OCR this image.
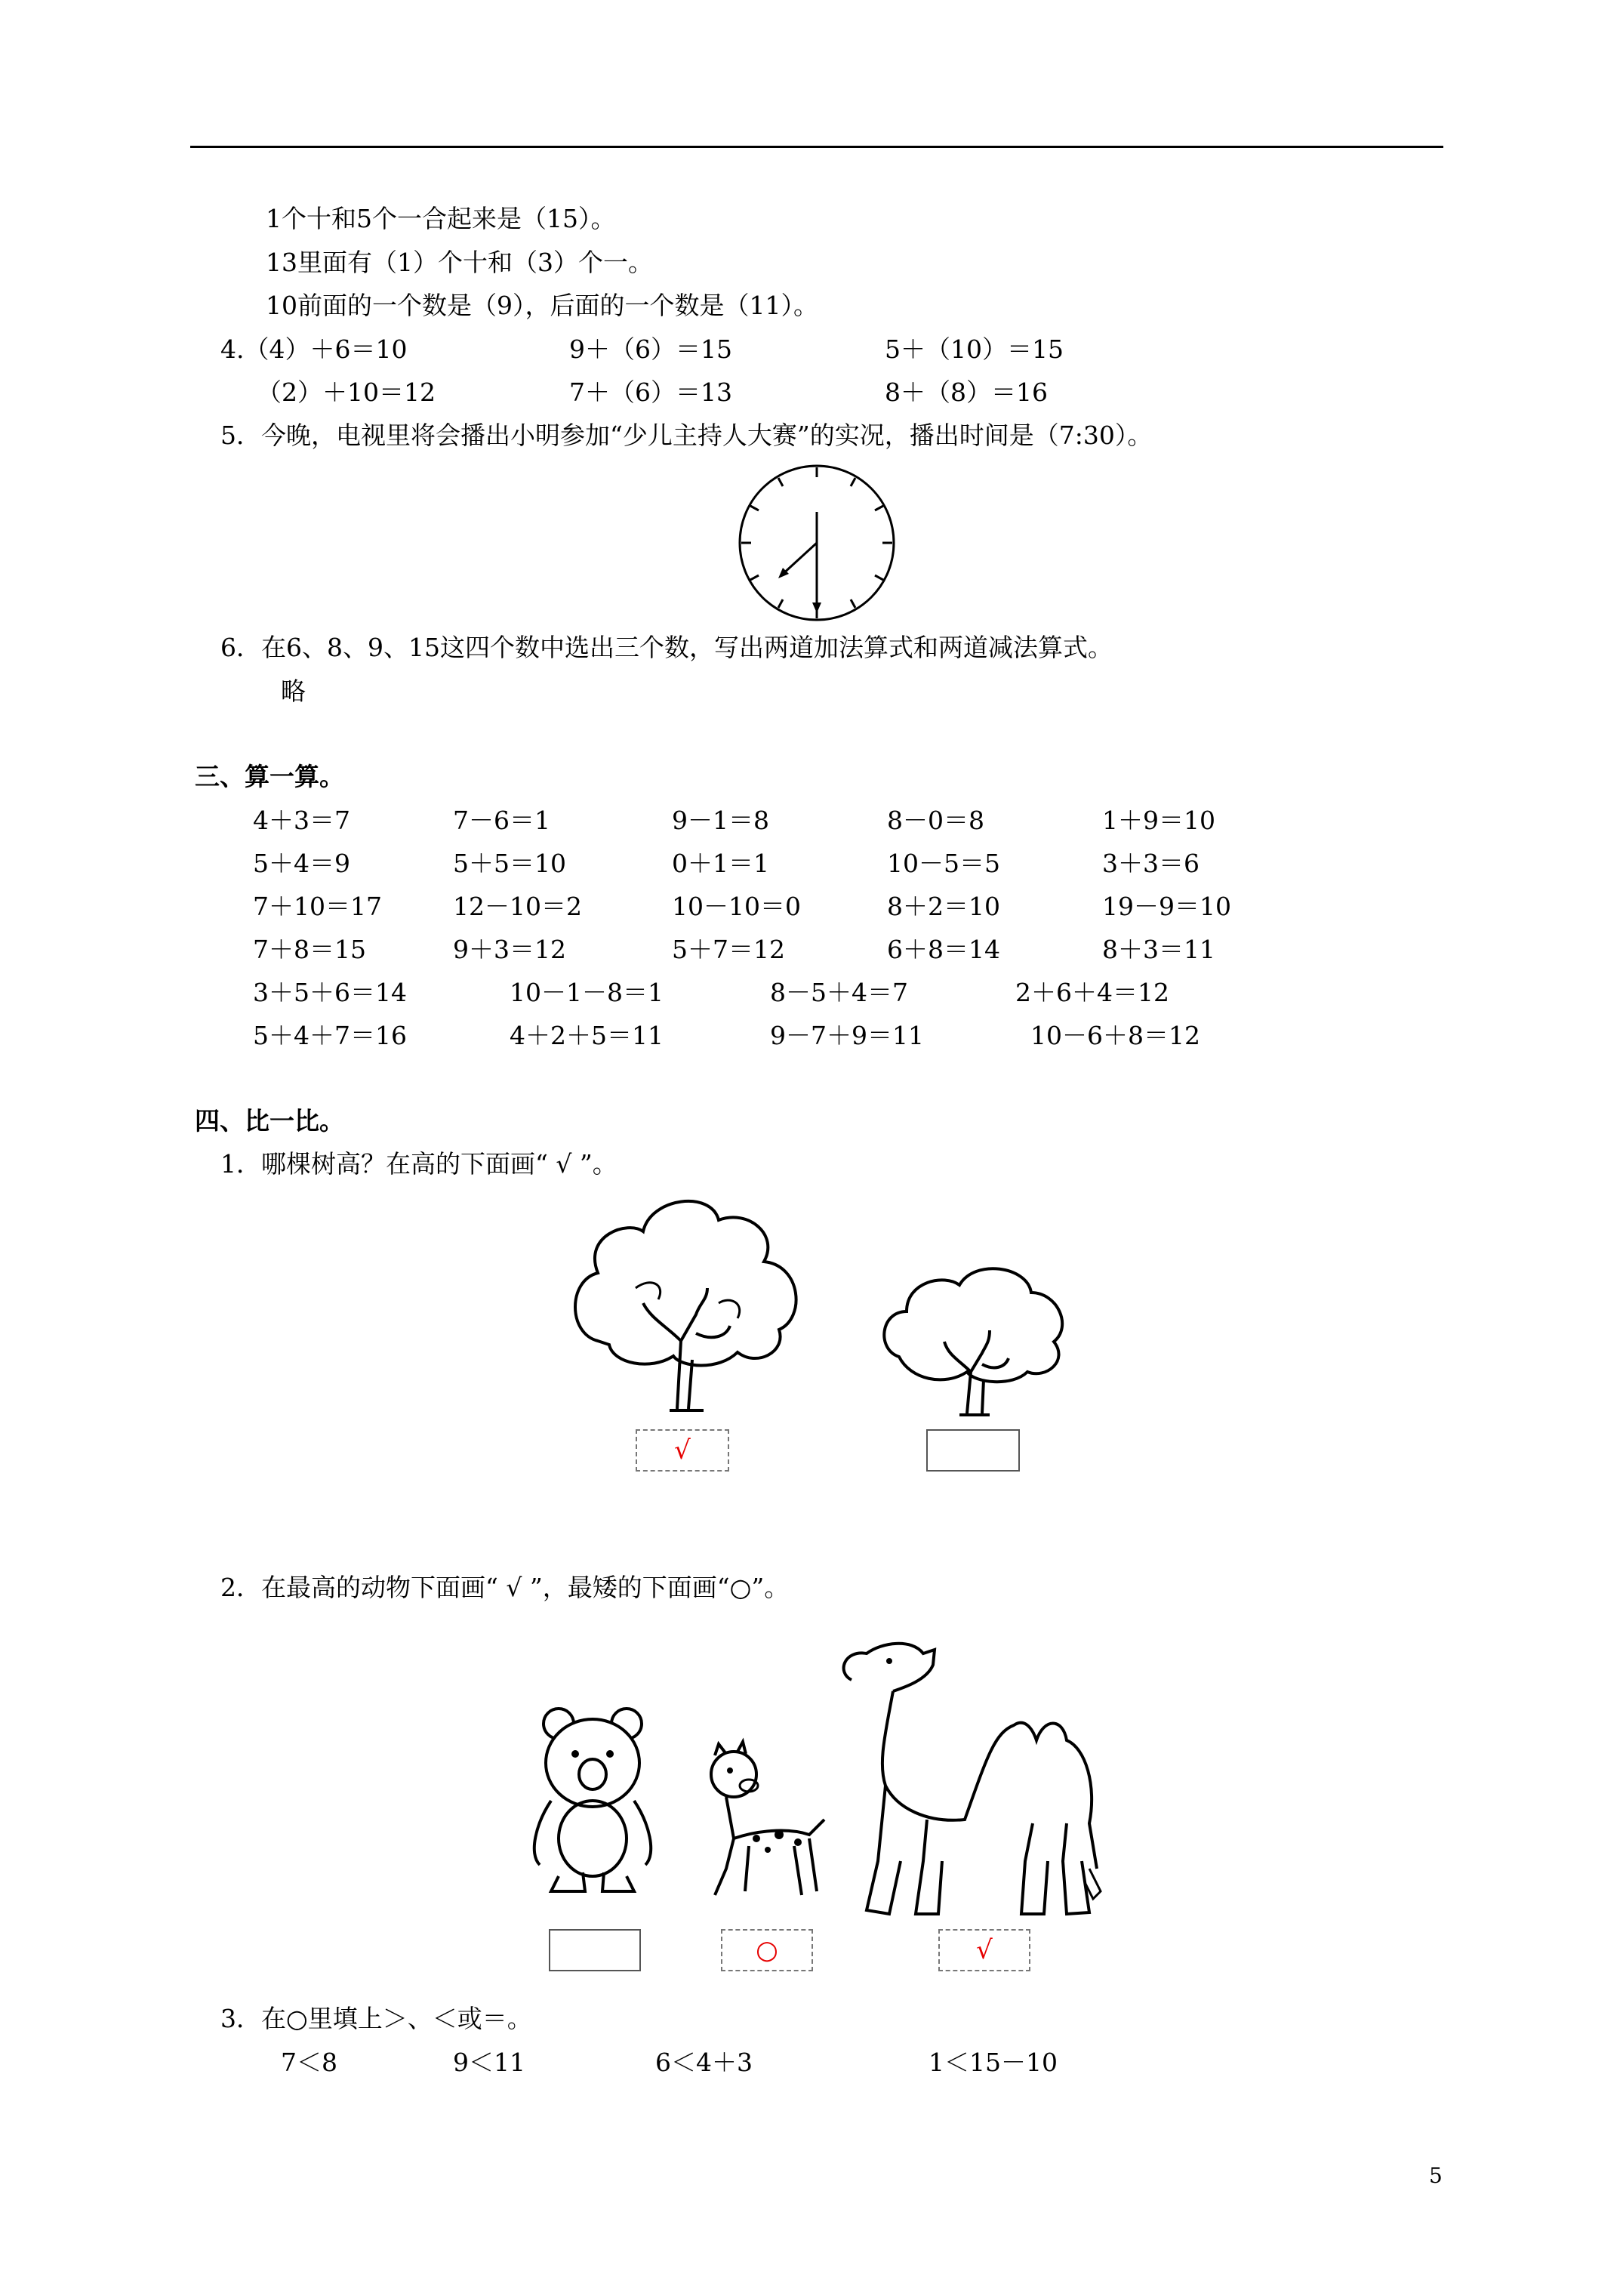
1个十和5个一合起来是（15）。
13里面有（1）个十和（3）个一。
10前面的一个数是（9），后面的一个数是（11）。
4.（4）＋6＝10	9＋（6）＝15	5＋（10）＝15
（2）＋10＝12	7＋（6）＝13	8＋（8）＝16
5．今晚，电视里将会播出小明参加“少儿主持人大赛”的实况，播出时间是（7:30）。
6．在6、8、9、15这四个数中选出三个数，写出两道加法算式和两道减法算式。
略
三、算一算。
4＋3＝7	7－6＝1	9－1＝8	8－0＝8	1＋9＝10
5＋4＝9	5＋5＝10	0＋1＝1	10－5＝5	3＋3＝6
7＋10＝17	12－10＝2	10－10＝0	8＋2＝10	19－9＝10
7＋8＝15	9＋3＝12	5＋7＝12	6＋8＝14	8＋3＝11
3＋5＋6＝14	10－1－8＝1	8－5＋4＝7	2＋6＋4＝12
5＋4＋7＝16	4＋2＋5＝11	9－7＋9＝11	10－6＋8＝12
四、比一比。
1．哪棵树高？在高的下面画“ √ ”。
√
2．在最高的动物下面画“ √ ”，最矮的下面画“○”。
○	√
3．在○里填上＞、＜或＝。
7＜8	9＜11	6＜4＋3	1＜15－10
5
